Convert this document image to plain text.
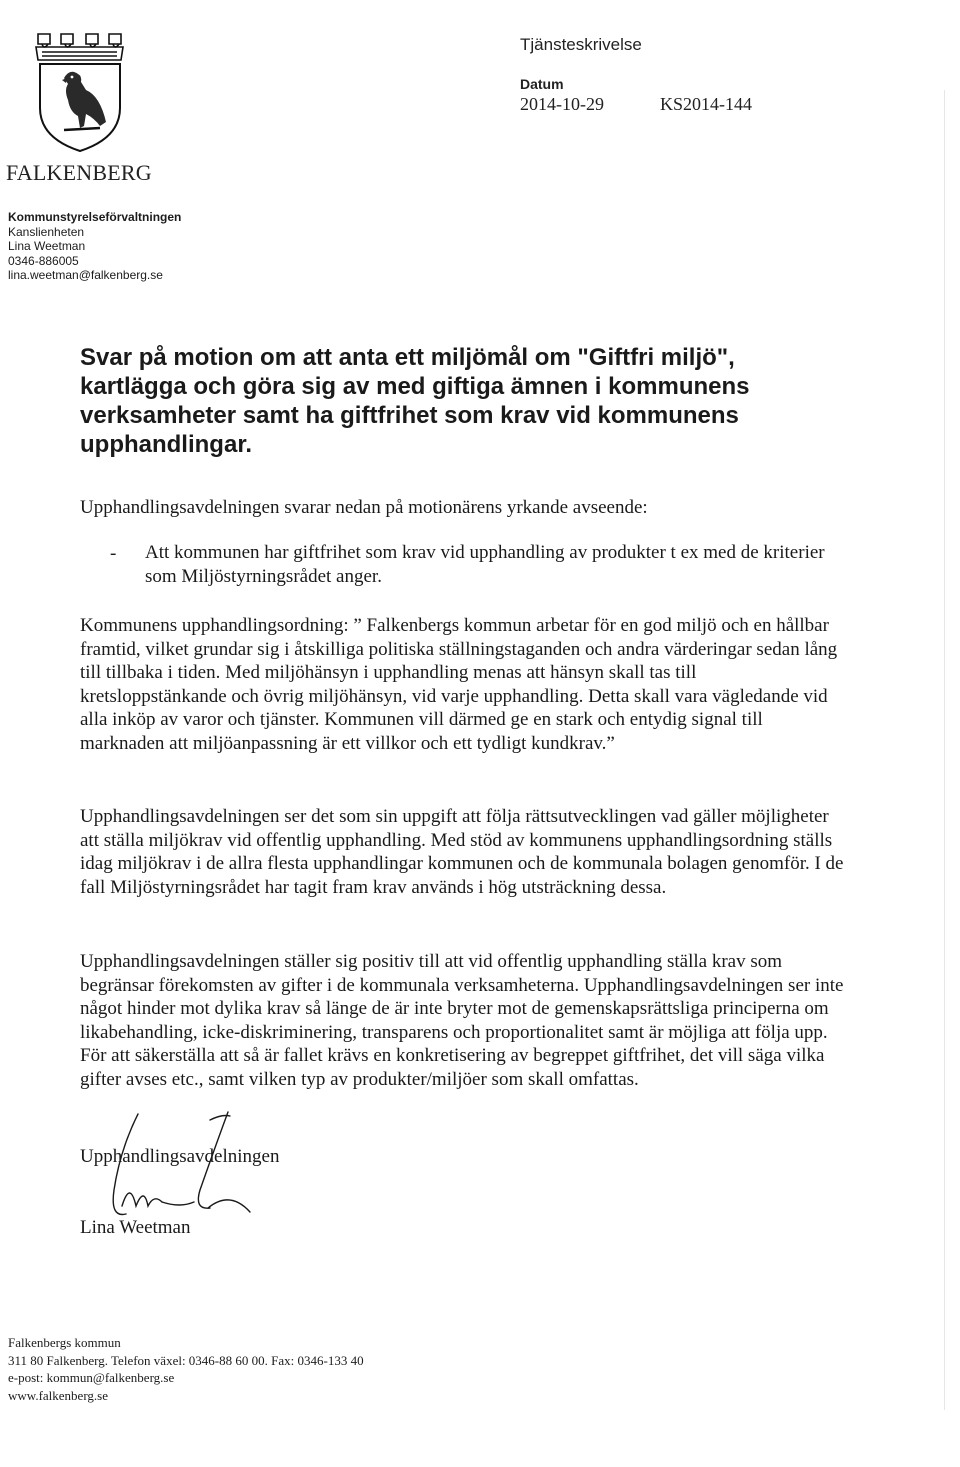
FALKENBERG
Kommunstyrelseförvaltningen
Kanslienheten
Lina Weetman
0346-886005
lina.weetman@falkenberg.se
Tjänsteskrivelse
Datum
2014-10-29	KS2014-144
Svar på motion om att anta ett miljömål om "Giftfri miljö", kartlägga och göra sig av med giftiga ämnen i kommunens verksamheter samt ha giftfrihet som krav vid kommunens upphandlingar.

Upphandlingsavdelningen svarar nedan på motionärens yrkande avseende:

- Att kommunen har giftfrihet som krav vid upphandling av produkter t ex med de kriterier som Miljöstyrningsrådet anger.

Kommunens upphandlingsordning: ” Falkenbergs kommun arbetar för en god miljö och en hållbar framtid, vilket grundar sig i åtskilliga politiska ställningstaganden och andra värderingar sedan lång till tillbaka i tiden. Med miljöhänsyn i upphandling menas att hänsyn skall tas till kretsloppstänkande och övrig miljöhänsyn, vid varje upphandling. Detta skall vara vägledande vid alla inköp av varor och tjänster. Kommunen vill därmed ge en stark och entydig signal till marknaden att miljöanpassning är ett villkor och ett tydligt kundkrav.”

Upphandlingsavdelningen ser det som sin uppgift att följa rättsutvecklingen vad gäller möjligheter att ställa miljökrav vid offentlig upphandling. Med stöd av kommunens upphandlingsordning ställs idag miljökrav i de allra flesta upphandlingar kommunen och de kommunala bolagen genomför. I de fall Miljöstyrningsrådet har tagit fram krav används i hög utsträckning dessa.

Upphandlingsavdelningen ställer sig positiv till att vid offentlig upphandling ställa krav som begränsar förekomsten av gifter i de kommunala verksamheterna. Upphandlingsavdelningen ser inte något hinder mot dylika krav så länge de är inte bryter mot de gemenskapsrättsliga principerna om likabehandling, icke-diskriminering, transparens och proportionalitet samt är möjliga att följa upp. För att säkerställa att så är fallet krävs en konkretisering av begreppet giftfrihet, det vill säga vilka gifter avses etc., samt vilken typ av produkter/miljöer som skall omfattas.

Upphandlingsavdelningen
Lina Weetman
Falkenbergs kommun
311 80 Falkenberg. Telefon växel: 0346-88 60 00. Fax: 0346-133 40
e-post: kommun@falkenberg.se
www.falkenberg.se
